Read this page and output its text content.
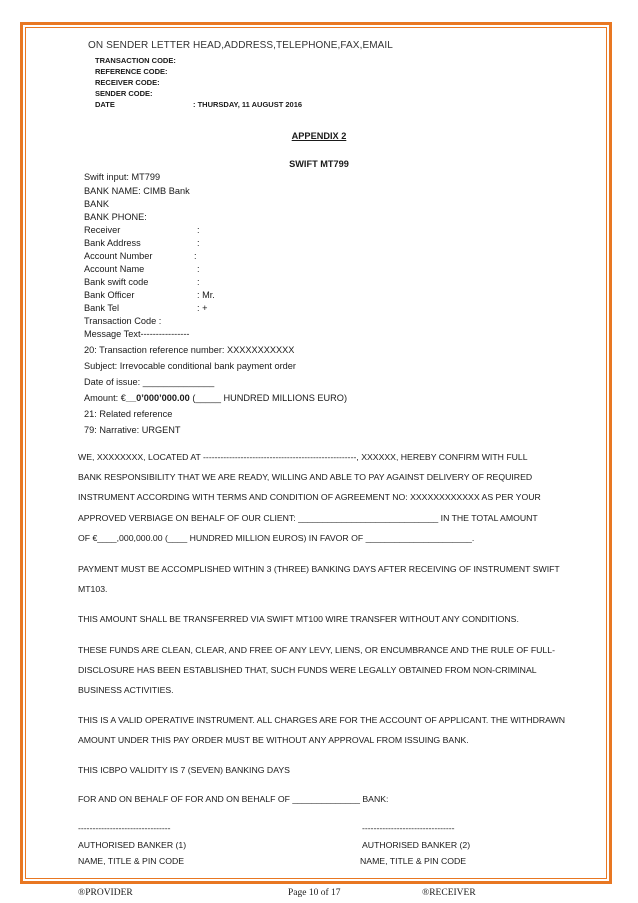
ON SENDER LETTER HEAD,ADDRESS,TELEPHONE,FAX,EMAIL
TRANSACTION CODE:
REFERENCE CODE:
RECEIVER CODE:
SENDER CODE:
DATE	: THURSDAY, 11 AUGUST 2016
APPENDIX 2
SWIFT MT799
Swift input: MT799
BANK NAME: CIMB Bank
BANK
BANK PHONE:
Receiver	:
Bank Address	:
Account Number	:
Account Name	:
Bank swift code	:
Bank Officer	: Mr.
Bank Tel	: +
Transaction Code :
Message Text----------------
20: Transaction reference number: XXXXXXXXXXX
Subject: Irrevocable conditional bank payment order
Date of issue: ______________
Amount: €__0’000’000.00 (_____ HUNDRED MILLIONS EURO)
21: Related reference
79: Narrative: URGENT
WE, XXXXXXXX, LOCATED AT -----------------------------------------------------, XXXXXX, HEREBY CONFIRM WITH FULL
BANK RESPONSIBILITY THAT WE ARE READY, WILLING AND ABLE TO PAY AGAINST DELIVERY OF REQUIRED
INSTRUMENT ACCORDING WITH TERMS AND CONDITION OF AGREEMENT NO: XXXXXXXXXXXX AS PER YOUR
APPROVED VERBIAGE ON BEHALF OF OUR CLIENT: _____________________________ IN THE TOTAL AMOUNT
OF €____,000,000.00 (____ HUNDRED MILLION EUROS) IN FAVOR OF ______________________.
PAYMENT MUST BE ACCOMPLISHED WITHIN 3 (THREE) BANKING DAYS AFTER RECEIVING OF INSTRUMENT SWIFT
MT103.
THIS AMOUNT SHALL BE TRANSFERRED VIA SWIFT MT100 WIRE TRANSFER WITHOUT ANY CONDITIONS.
THESE FUNDS ARE CLEAN, CLEAR, AND FREE OF ANY LEVY, LIENS, OR ENCUMBRANCE AND THE RULE OF FULL-
DISCLOSURE HAS BEEN ESTABLISHED THAT, SUCH FUNDS WERE LEGALLY OBTAINED FROM NON-CRIMINAL
BUSINESS ACTIVITIES.
THIS IS A VALID OPERATIVE INSTRUMENT. ALL CHARGES ARE FOR THE ACCOUNT OF APPLICANT. THE WITHDRAWN
AMOUNT UNDER THIS PAY ORDER MUST BE WITHOUT ANY APPROVAL FROM ISSUING BANK.
THIS ICBPO VALIDITY IS 7 (SEVEN) BANKING DAYS
FOR AND ON BEHALF OF FOR AND ON BEHALF OF ______________ BANK:
--------------------------------	--------------------------------
AUTHORISED BANKER (1)	AUTHORISED BANKER (2)
NAME, TITLE & PIN CODE	NAME, TITLE & PIN CODE
®PROVIDER	Page 10 of 17	®RECEIVER
